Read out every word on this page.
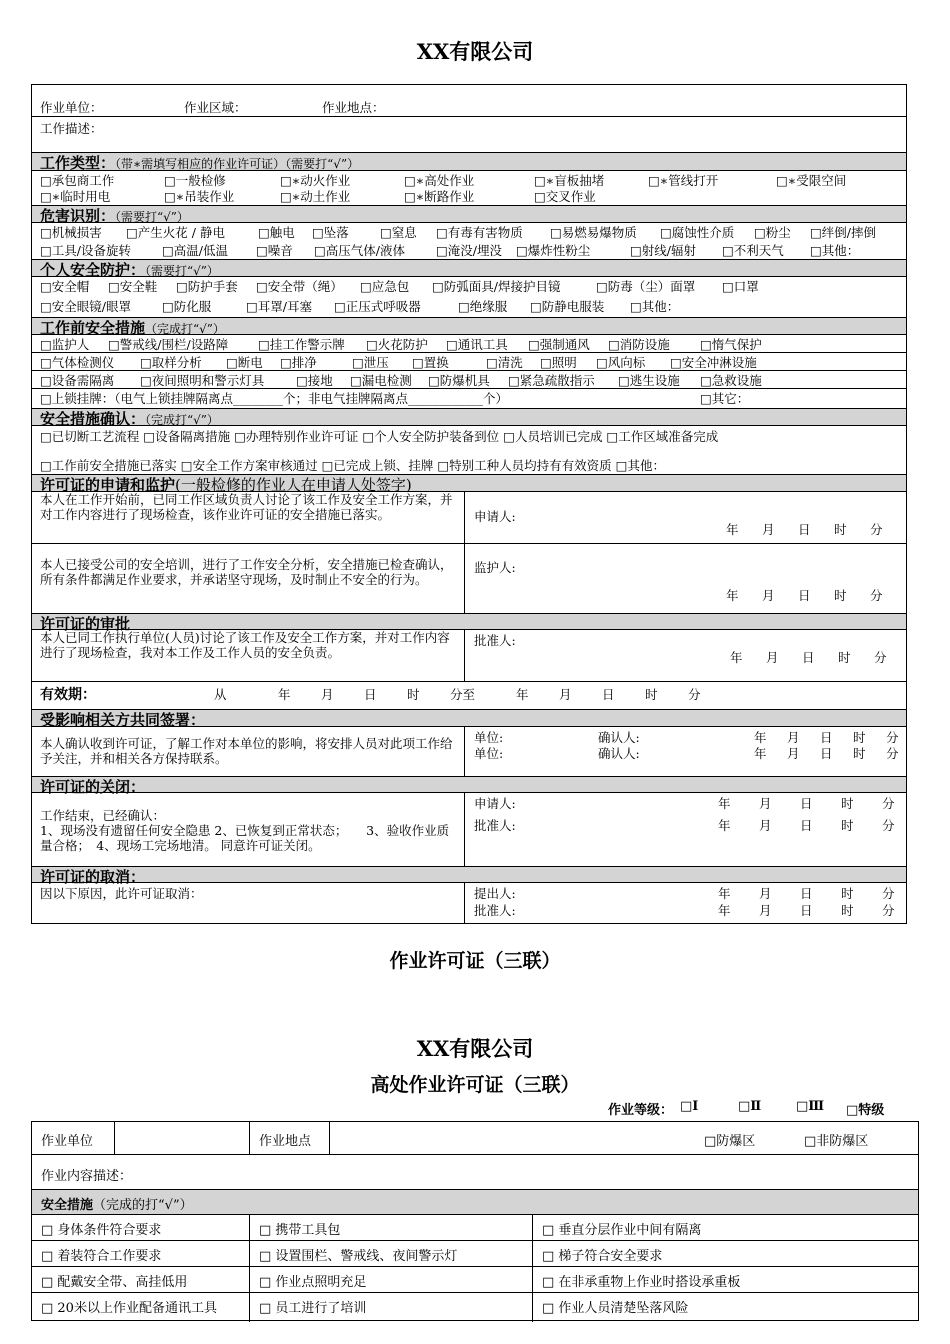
XX有限公司
作业单位：	作业区域：	作业地点：
工作描述：
工作类型：（带∗需填写相应的作业许可证）（需要打“√”）
□承包商工作	□一般检修	□∗动火作业	□∗高处作业	□∗盲板抽堵	□∗管线打开	□∗受限空间
□∗临时用电	□∗吊装作业	□∗动土作业	□∗断路作业	□交叉作业
危害识别：（需要打“√”）
□机械损害 □产生火花 / 静电	□触电 □坠落 □窒息 □有毒有害物质 □易燃易爆物质 □腐蚀性介质 □粉尘 □绊倒/摔倒
□工具/设备旋转 □高温/低温 □噪音 □高压气体/液体 □淹没/埋没 □爆炸性粉尘	□射线/辐射 □不利天气 □其他：
个人安全防护：（需要打“√”）
□安全帽 □安全鞋 □防护手套 □安全带（绳） □应急包 □防弧面具/焊接护目镜	□防毒（尘）面罩 □口罩
□安全眼镜/眼罩 □防化服	□耳罩/耳塞 □正压式呼吸器	□绝缘服 □防静电服装 □其他：
工作前安全措施（完成打“√”）
□监护人 □警戒线/围栏/设路障 □挂工作警示牌 □火花防护 □通讯工具 □强制通风 □消防设施 □惰气保护
□气体检测仪 □取样分析 □断电 □排净	□泄压 □置换	□清洗 □照明 □风向标 □安全冲淋设施
□设备需隔离 □夜间照明和警示灯具	□接地 □漏电检测 □防爆机具 □紧急疏散指示 □逃生设施 □急救设施
□上锁挂牌：（电气上锁挂牌隔离点________个；非电气挂牌隔离点____________个）	□其它：
安全措施确认：（完成打“√”）
□已切断工艺流程 □设备隔离措施 □办理特别作业许可证 □个人安全防护装备到位 □人员培训已完成 □工作区域准备完成
□工作前安全措施已落实 □安全工作方案审核通过 □已完成上锁、挂牌 □特别工种人员均持有有效资质 □其他：
许可证的申请和监护(一般检修的作业人在申请人处签字)
本人在工作开始前，已同工作区域负责人讨论了该工作及安全工作方案，并对工作内容进行了现场检查，该作业许可证的安全措施已落实。	申请人:
年 月 日 时 分
本人已接受公司的安全培训，进行了工作安全分析，安全措施已检查确认，所有条件都满足作业要求，并承诺坚守现场，及时制止不安全的行为。
监护人:
年 月 日 时 分
许可证的审批
本人已同工作执行单位(人员)讨论了该工作及安全工作方案，并对工作内容进行了现场检查，我对本工作及工作人员的安全负责。
批准人:
年 月 日 时 分
有效期：	从	年 月 日 时 分至	年 月 日 时 分
受影响相关方共同签署：
本人确认收到许可证，了解工作对本单位的影响，将安排人员对此项工作给予关注，并和相关各方保持联系。
单位:	确认人:	年 月 日 时 分
单位:	确认人:	年 月 日 时 分
许可证的关闭：
工作结束，已经确认：
1、现场没有遗留任何安全隐患 2、已恢复到正常状态；　　3、验收作业质量合格；　4、现场工完场地清。 同意许可证关闭。
申请人:	年 月 日 时 分
批准人:	年 月 日 时 分
许可证的取消：
因以下原因，此许可证取消：	提出人:	年 月 日 时 分
批准人:	年 月 日 时 分
作业许可证（三联）
XX有限公司
高处作业许可证（三联）
作业等级： □Ⅰ	□Ⅱ	□Ⅲ □特级
作业单位	作业地点	□防爆区	□非防爆区
作业内容描述：
安全措施（完成的打“√”）
□ 身体条件符合要求	□ 携带工具包	□ 垂直分层作业中间有隔离
□ 着装符合工作要求	□ 设置围栏、警戒线、夜间警示灯	□ 梯子符合安全要求
□ 配戴安全带、高挂低用	□ 作业点照明充足	□ 在非承重物上作业时搭设承重板
□ 20米以上作业配备通讯工具	□ 员工进行了培训	□ 作业人员清楚坠落风险
